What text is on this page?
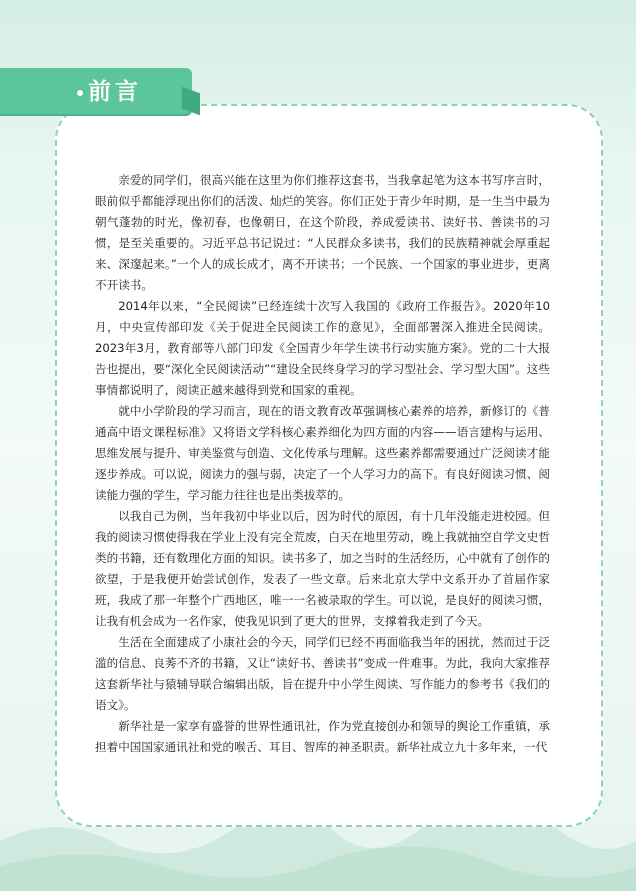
前言

亲爱的同学们，很高兴能在这里为你们推荐这套书，当我拿起笔为这本书写序言时，眼前似乎都能浮现出你们的活泼、灿烂的笑容。你们正处于青少年时期，是一生当中最为朝气蓬勃的时光，像初春，也像朝日，在这个阶段，养成爱读书、读好书、善读书的习惯，是至关重要的。习近平总书记说过：“人民群众多读书，我们的民族精神就会厚重起来、深邃起来。”一个人的成长成才，离不开读书；一个民族、一个国家的事业进步，更离不开读书。

2014年以来，“全民阅读”已经连续十次写入我国的《政府工作报告》。2020年10月，中央宣传部印发《关于促进全民阅读工作的意见》，全面部署深入推进全民阅读。2023年3月，教育部等八部门印发《全国青少年学生读书行动实施方案》。党的二十大报告也提出，要“深化全民阅读活动”“建设全民终身学习的学习型社会、学习型大国”。这些事情都说明了，阅读正越来越得到党和国家的重视。

就中小学阶段的学习而言，现在的语文教育改革强调核心素养的培养，新修订的《普通高中语文课程标准》又将语文学科核心素养细化为四方面的内容——语言建构与运用、思维发展与提升、审美鉴赏与创造、文化传承与理解。这些素养都需要通过广泛阅读才能逐步养成。可以说，阅读力的强与弱，决定了一个人学习力的高下。有良好阅读习惯、阅读能力强的学生，学习能力往往也是出类拔萃的。

以我自己为例，当年我初中毕业以后，因为时代的原因，有十几年没能走进校园。但我的阅读习惯使得我在学业上没有完全荒废，白天在地里劳动，晚上我就抽空自学文史哲类的书籍，还有数理化方面的知识。读书多了，加之当时的生活经历，心中就有了创作的欲望，于是我便开始尝试创作，发表了一些文章。后来北京大学中文系开办了首届作家班，我成了那一年整个广西地区，唯一一名被录取的学生。可以说，是良好的阅读习惯，让我有机会成为一名作家，使我见识到了更大的世界，支撑着我走到了今天。

生活在全面建成了小康社会的今天，同学们已经不再面临我当年的困扰，然而过于泛滥的信息、良莠不齐的书籍，又让“读好书、善读书”变成一件难事。为此，我向大家推荐这套新华社与猿辅导联合编辑出版，旨在提升中小学生阅读、写作能力的参考书《我们的语文》。

新华社是一家享有盛誉的世界性通讯社，作为党直接创办和领导的舆论工作重镇，承担着中国国家通讯社和党的喉舌、耳目、智库的神圣职责。新华社成立九十多年来，一代
